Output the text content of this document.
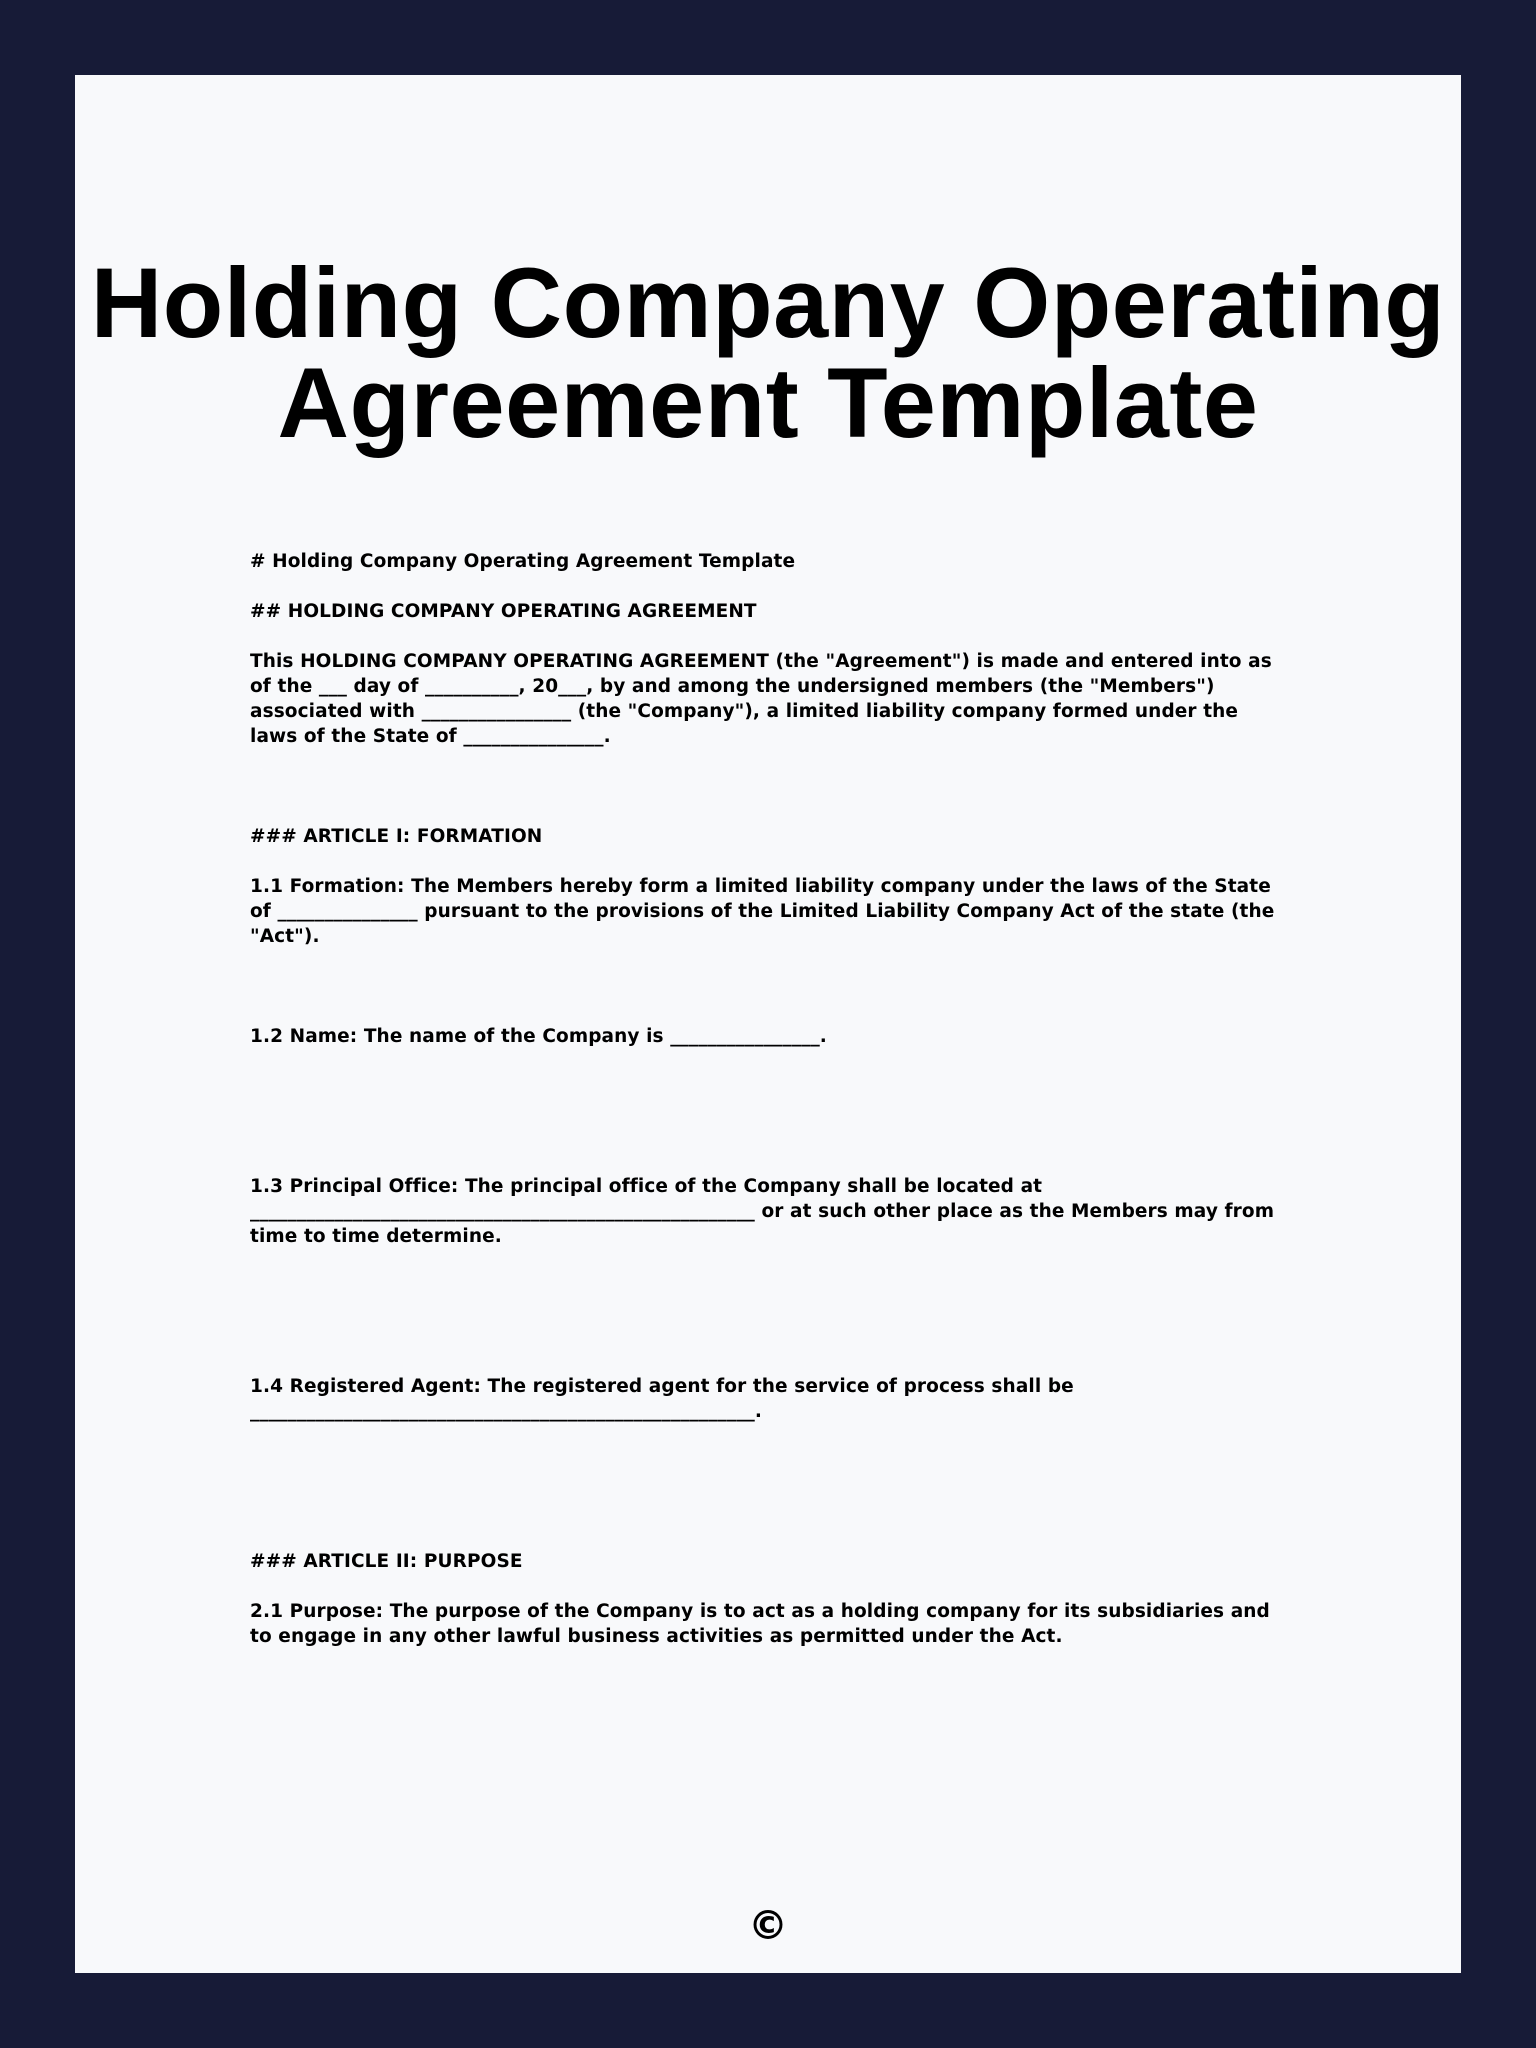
Holding Company Operating
Agreement Template

# Holding Company Operating Agreement Template

## HOLDING COMPANY OPERATING AGREEMENT

This HOLDING COMPANY OPERATING AGREEMENT (the "Agreement") is made and entered into as of the ___ day of __________, 20___, by and among the undersigned members (the "Members") associated with ________________ (the "Company"), a limited liability company formed under the laws of the State of _______________.

### ARTICLE I: FORMATION

1.1 Formation: The Members hereby form a limited liability company under the laws of the State of _______________ pursuant to the provisions of the Limited Liability Company Act of the state (the "Act").

1.2 Name: The name of the Company is ________________.

1.3 Principal Office: The principal office of the Company shall be located at ______________________________________________________ or at such other place as the Members may from time to time determine.

1.4 Registered Agent: The registered agent for the service of process shall be ______________________________________________________.

### ARTICLE II: PURPOSE

2.1 Purpose: The purpose of the Company is to act as a holding company for its subsidiaries and to engage in any other lawful business activities as permitted under the Act.

©
